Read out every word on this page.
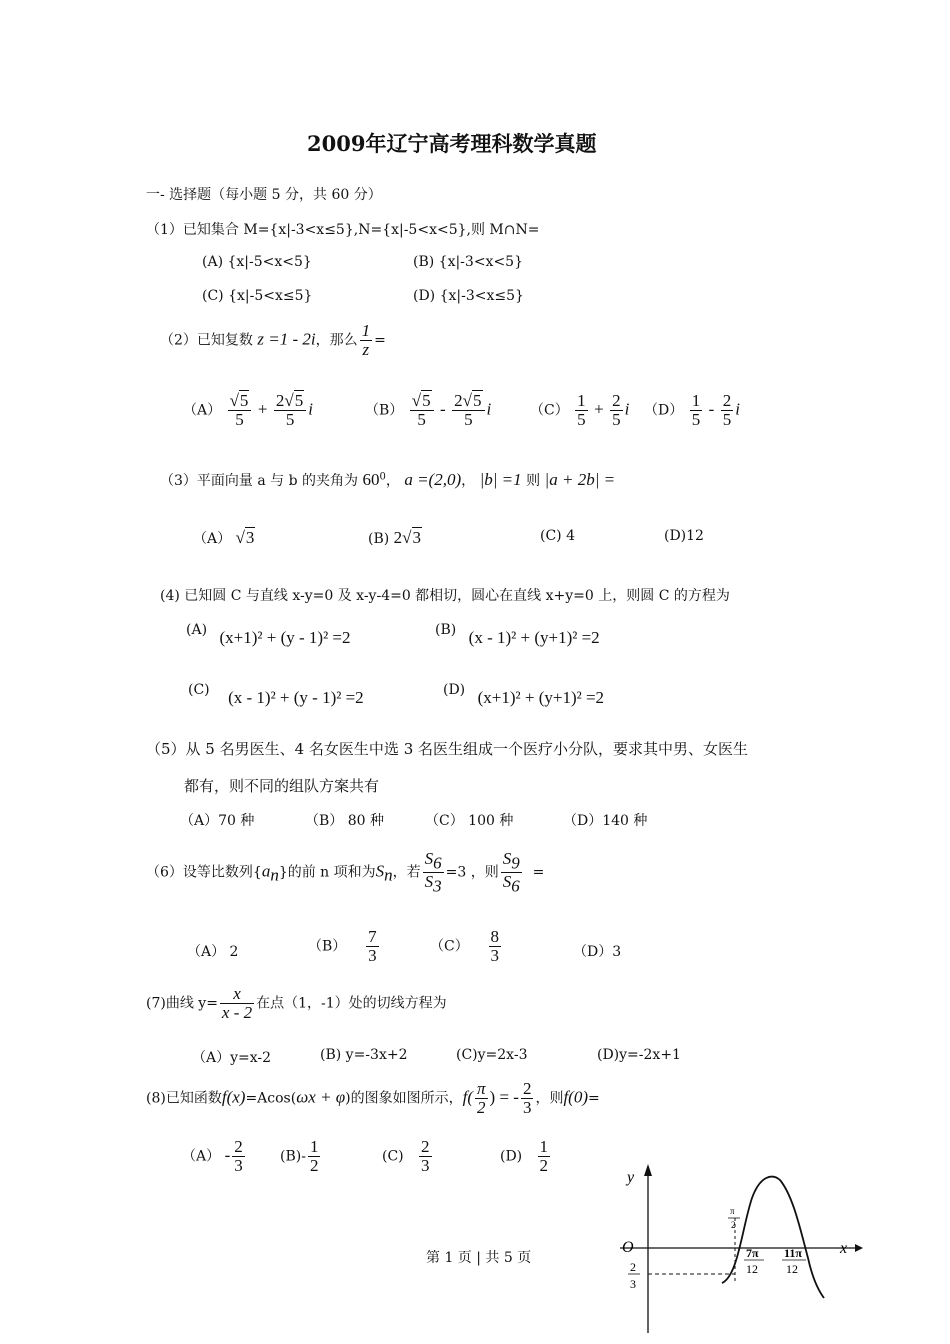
2009年辽宁高考理科数学真题
一- 选择题（每小题 5 分，共 60 分）
（1）已知集合 M={x|-3<x≤5},N={x|-5<x<5},则 M∩N=
(A) {x|-5<x<5}	(B) {x|-3<x<5}
(C) {x|-5<x≤5}	(D) {x|-3<x≤5}
（2）已知复数 z =1 - 2i，那么 $\frac{1}{z}$ =
$(A) \frac{√5}{5} + \frac{2√5}{5}$ i	$(B) \frac{√5}{5} - \frac{2√5}{5}$ i	$(C) \frac{1}{5} + \frac{2}{5}$ i $(D) \frac{1}{5} - \frac{2}{5}$ i
（3）平面向量 a 与 b 的夹角为 $60^0$， a =(2,0)， |b| =1 则 |a + 2b| =
（A） √3	(B) 2√3	(C) 4	(D)12
(4) 已知圆 C 与直线 x-y=0 及 x-y-4=0 都相切，圆心在直线 x+y=0 上，则圆 C 的方程为
(A) (x+1)² + (y - 1)² =2	(B) (x - 1)² + (y+1)² =2
(C) (x - 1)² + (y - 1)² =2	(D) (x+1)² + (y+1)² =2
（5）从 5 名男医生、4 名女医生中选 3 名医生组成一个医疗小分队，要求其中男、女医生
都有，则不同的组队方案共有
（A）70 种	（B） 80 种	（C） 100 种	（D）140 种
（6）设等比数列$\{a_n\}$的前 n 项和为$S_n$，若 $\frac{S_6}{S_3} =3$ ，则 $\frac{S_9}{S_6}$ =
（A） 2	$(B) \frac{7}{3}$	$(C) \frac{8}{3}$	（D）3
(7)曲线 $y= \frac{x}{x - 2}$ 在点（1，-1）处的切线方程为
（A）y=x-2	(B) y=-3x+2	(C)y=2x-3	(D)y=-2x+1
(8)已知函数f(x)=Acos(ωx + φ)的图象如图所示，$f( \frac{\pi}{2}$ ) = - $\frac{2}{3}$ ，则f(0)=
$(A) - \frac{2}{3}$	$(B)- \frac{1}{2}$	$(C) \frac{2}{3}$	$(D) \frac{1}{2}$
y
x
O
π
2
2
3
7π
12
11π
12
第 1 页 | 共 5 页
